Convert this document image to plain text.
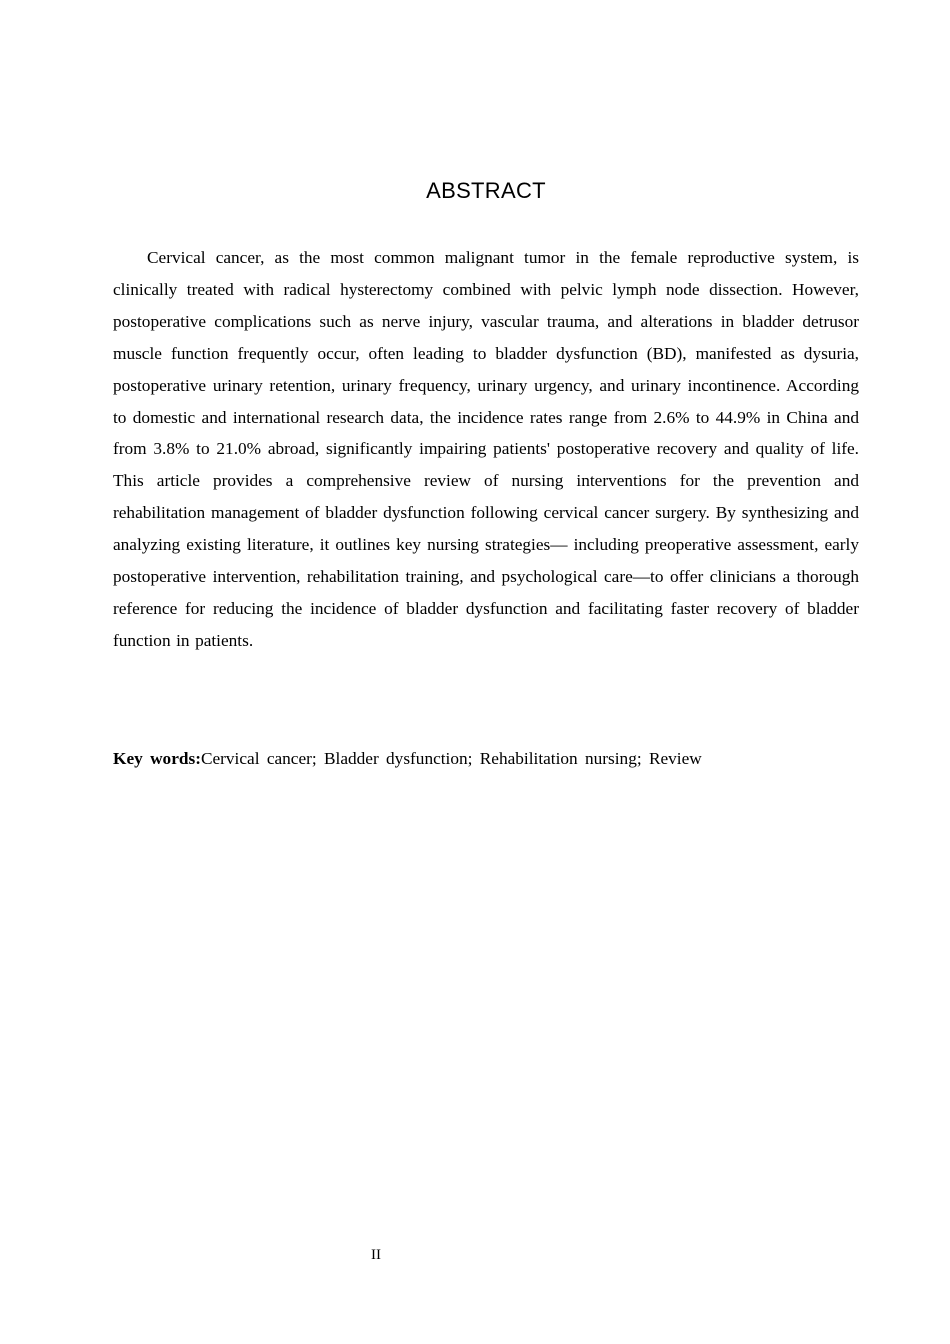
ABSTRACT

Cervical cancer, as the most common malignant tumor in the female reproductive system, is clinically treated with radical hysterectomy combined with pelvic lymph node dissection. However, postoperative complications such as nerve injury, vascular trauma, and alterations in bladder detrusor muscle function frequently occur, often leading to bladder dysfunction (BD), manifested as dysuria, postoperative urinary retention, urinary frequency, urinary urgency, and urinary incontinence. According to domestic and international research data, the incidence rates range from 2.6% to 44.9% in China and from 3.8% to 21.0% abroad, significantly impairing patients' postoperative recovery and quality of life. This article provides a comprehensive review of nursing interventions for the prevention and rehabilitation management of bladder dysfunction following cervical cancer surgery. By synthesizing and analyzing existing literature, it outlines key nursing strategies— including preoperative assessment, early postoperative intervention, rehabilitation training, and psychological care—to offer clinicians a thorough reference for reducing the incidence of bladder dysfunction and facilitating faster recovery of bladder function in patients.

Key words:Cervical cancer; Bladder dysfunction; Rehabilitation nursing; Review

II
